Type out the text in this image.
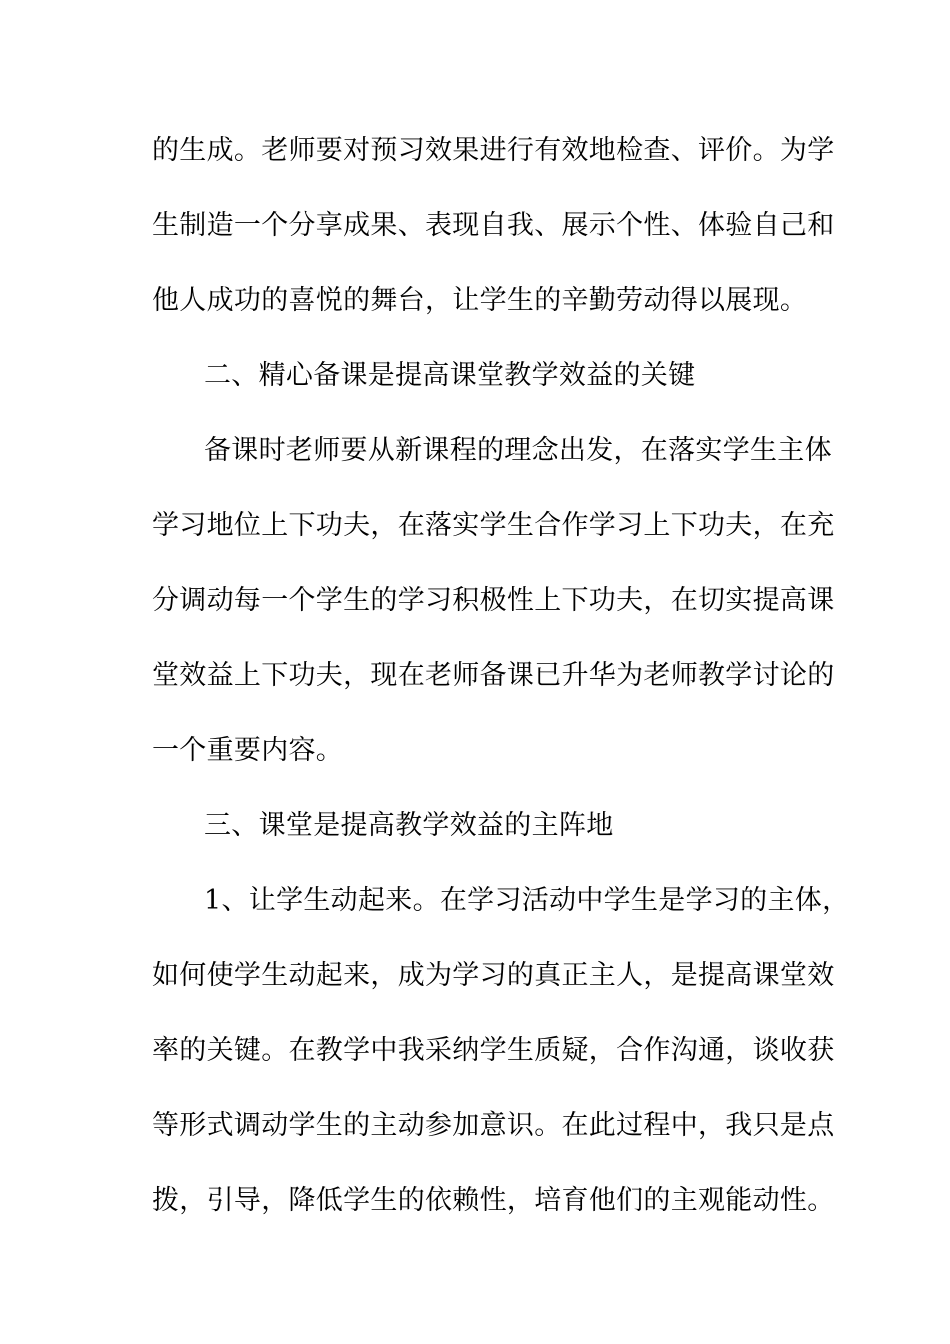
的生成。老师要对预习效果进行有效地检查、评价。为学
生制造一个分享成果、表现自我、展示个性、体验自己和
他人成功的喜悦的舞台，让学生的辛勤劳动得以展现。
二、精心备课是提高课堂教学效益的关键
备课时老师要从新课程的理念出发，在落实学生主体
学习地位上下功夫，在落实学生合作学习上下功夫，在充
分调动每一个学生的学习积极性上下功夫，在切实提高课
堂效益上下功夫，现在老师备课已升华为老师教学讨论的
一个重要内容。
三、课堂是提高教学效益的主阵地
1、让学生动起来。在学习活动中学生是学习的主体，
如何使学生动起来，成为学习的真正主人，是提高课堂效
率的关键。在教学中我采纳学生质疑，合作沟通，谈收获
等形式调动学生的主动参加意识。在此过程中，我只是点
拨，引导，降低学生的依赖性，培育他们的主观能动性。
